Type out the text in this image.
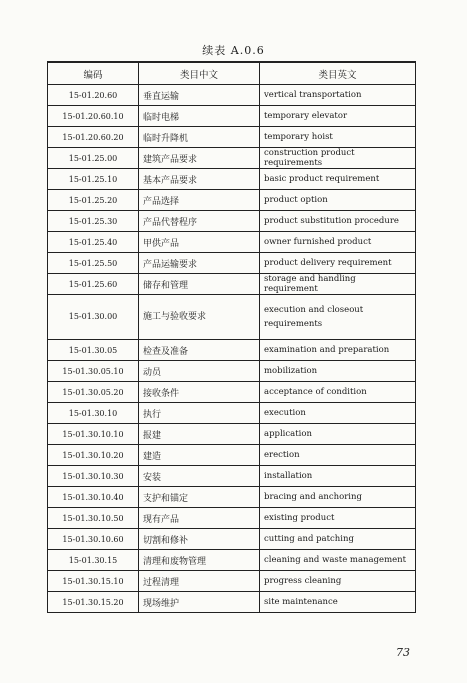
续表 A.0.6
编码	类目中文	类目英文
15-01.20.60	垂直运输	vertical transportation
15-01.20.60.10	临时电梯	temporary elevator
15-01.20.60.20	临时升降机	temporary hoist
15-01.25.00	建筑产品要求	construction product requirements
15-01.25.10	基本产品要求	basic product requirement
15-01.25.20	产品选择	product option
15-01.25.30	产品代替程序	product substitution procedure
15-01.25.40	甲供产品	owner furnished product
15-01.25.50	产品运输要求	product delivery requirement
15-01.25.60	储存和管理	storage and handling requirement
15-01.30.00	施工与验收要求	execution and closeout requirements
15-01.30.05	检查及准备	examination and preparation
15-01.30.05.10	动员	mobilization
15-01.30.05.20	接收条件	acceptance of condition
15-01.30.10	执行	execution
15-01.30.10.10	报建	application
15-01.30.10.20	建造	erection
15-01.30.10.30	安装	installation
15-01.30.10.40	支护和锚定	bracing and anchoring
15-01.30.10.50	现有产品	existing product
15-01.30.10.60	切割和修补	cutting and patching
15-01.30.15	清理和废物管理	cleaning and waste management
15-01.30.15.10	过程清理	progress cleaning
15-01.30.15.20	现场维护	site maintenance
73
